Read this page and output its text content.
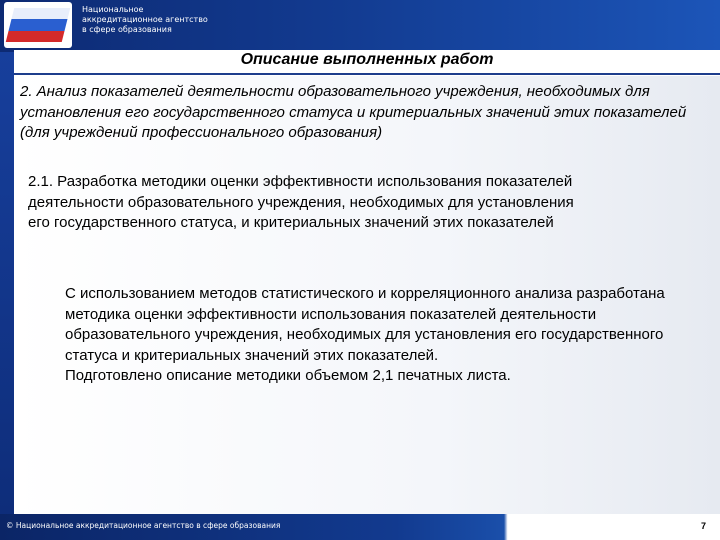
Национальное
аккредитационное агентство
в сфере образования
Описание выполненных работ
2. Анализ показателей деятельности образовательного учреждения, необходимых для установления его государственного статуса и критериальных значений этих показателей (для учреждений профессионального образования)
2.1. Разработка методики оценки эффективности использования показателей деятельности образовательного учреждения, необходимых для установления его государственного статуса, и критериальных значений этих показателей

С использованием методов статистического и корреляционного анализа разработана методика оценки эффективности использования показателей деятельности образовательного учреждения, необходимых для установления его государственного статуса и критериальных значений этих показателей.

Подготовлено описание методики объемом 2,1 печатных листа.

© Национальное аккредитационное агентство в сфере образования	7
